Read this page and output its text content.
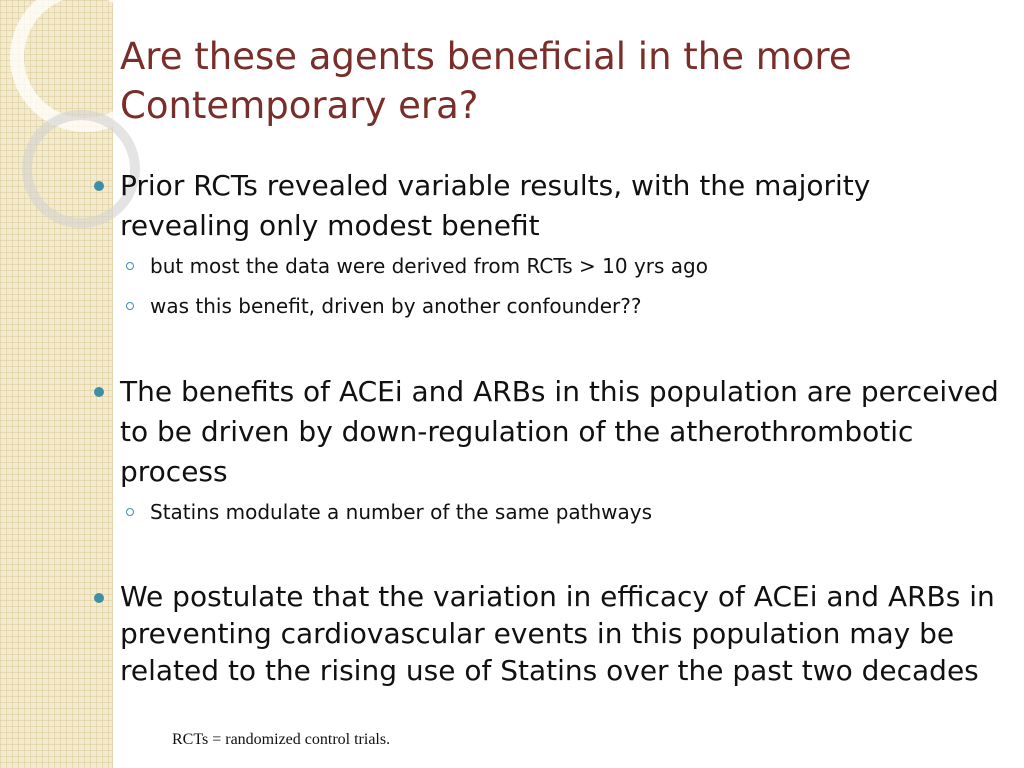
Are these agents beneficial in the more Contemporary era?
Prior RCTs revealed variable results, with the majority revealing only modest benefit
but most the data were derived from RCTs > 10 yrs ago
was this benefit, driven by another confounder??
The benefits of ACEi and ARBs in this population are perceived to be driven by down-regulation of the atherothrombotic process
Statins modulate a number of the same pathways
We postulate that the variation in efficacy of ACEi and ARBs in preventing cardiovascular events in this population may be related to the rising use of Statins over the past two decades
RCTs = randomized control trials.
